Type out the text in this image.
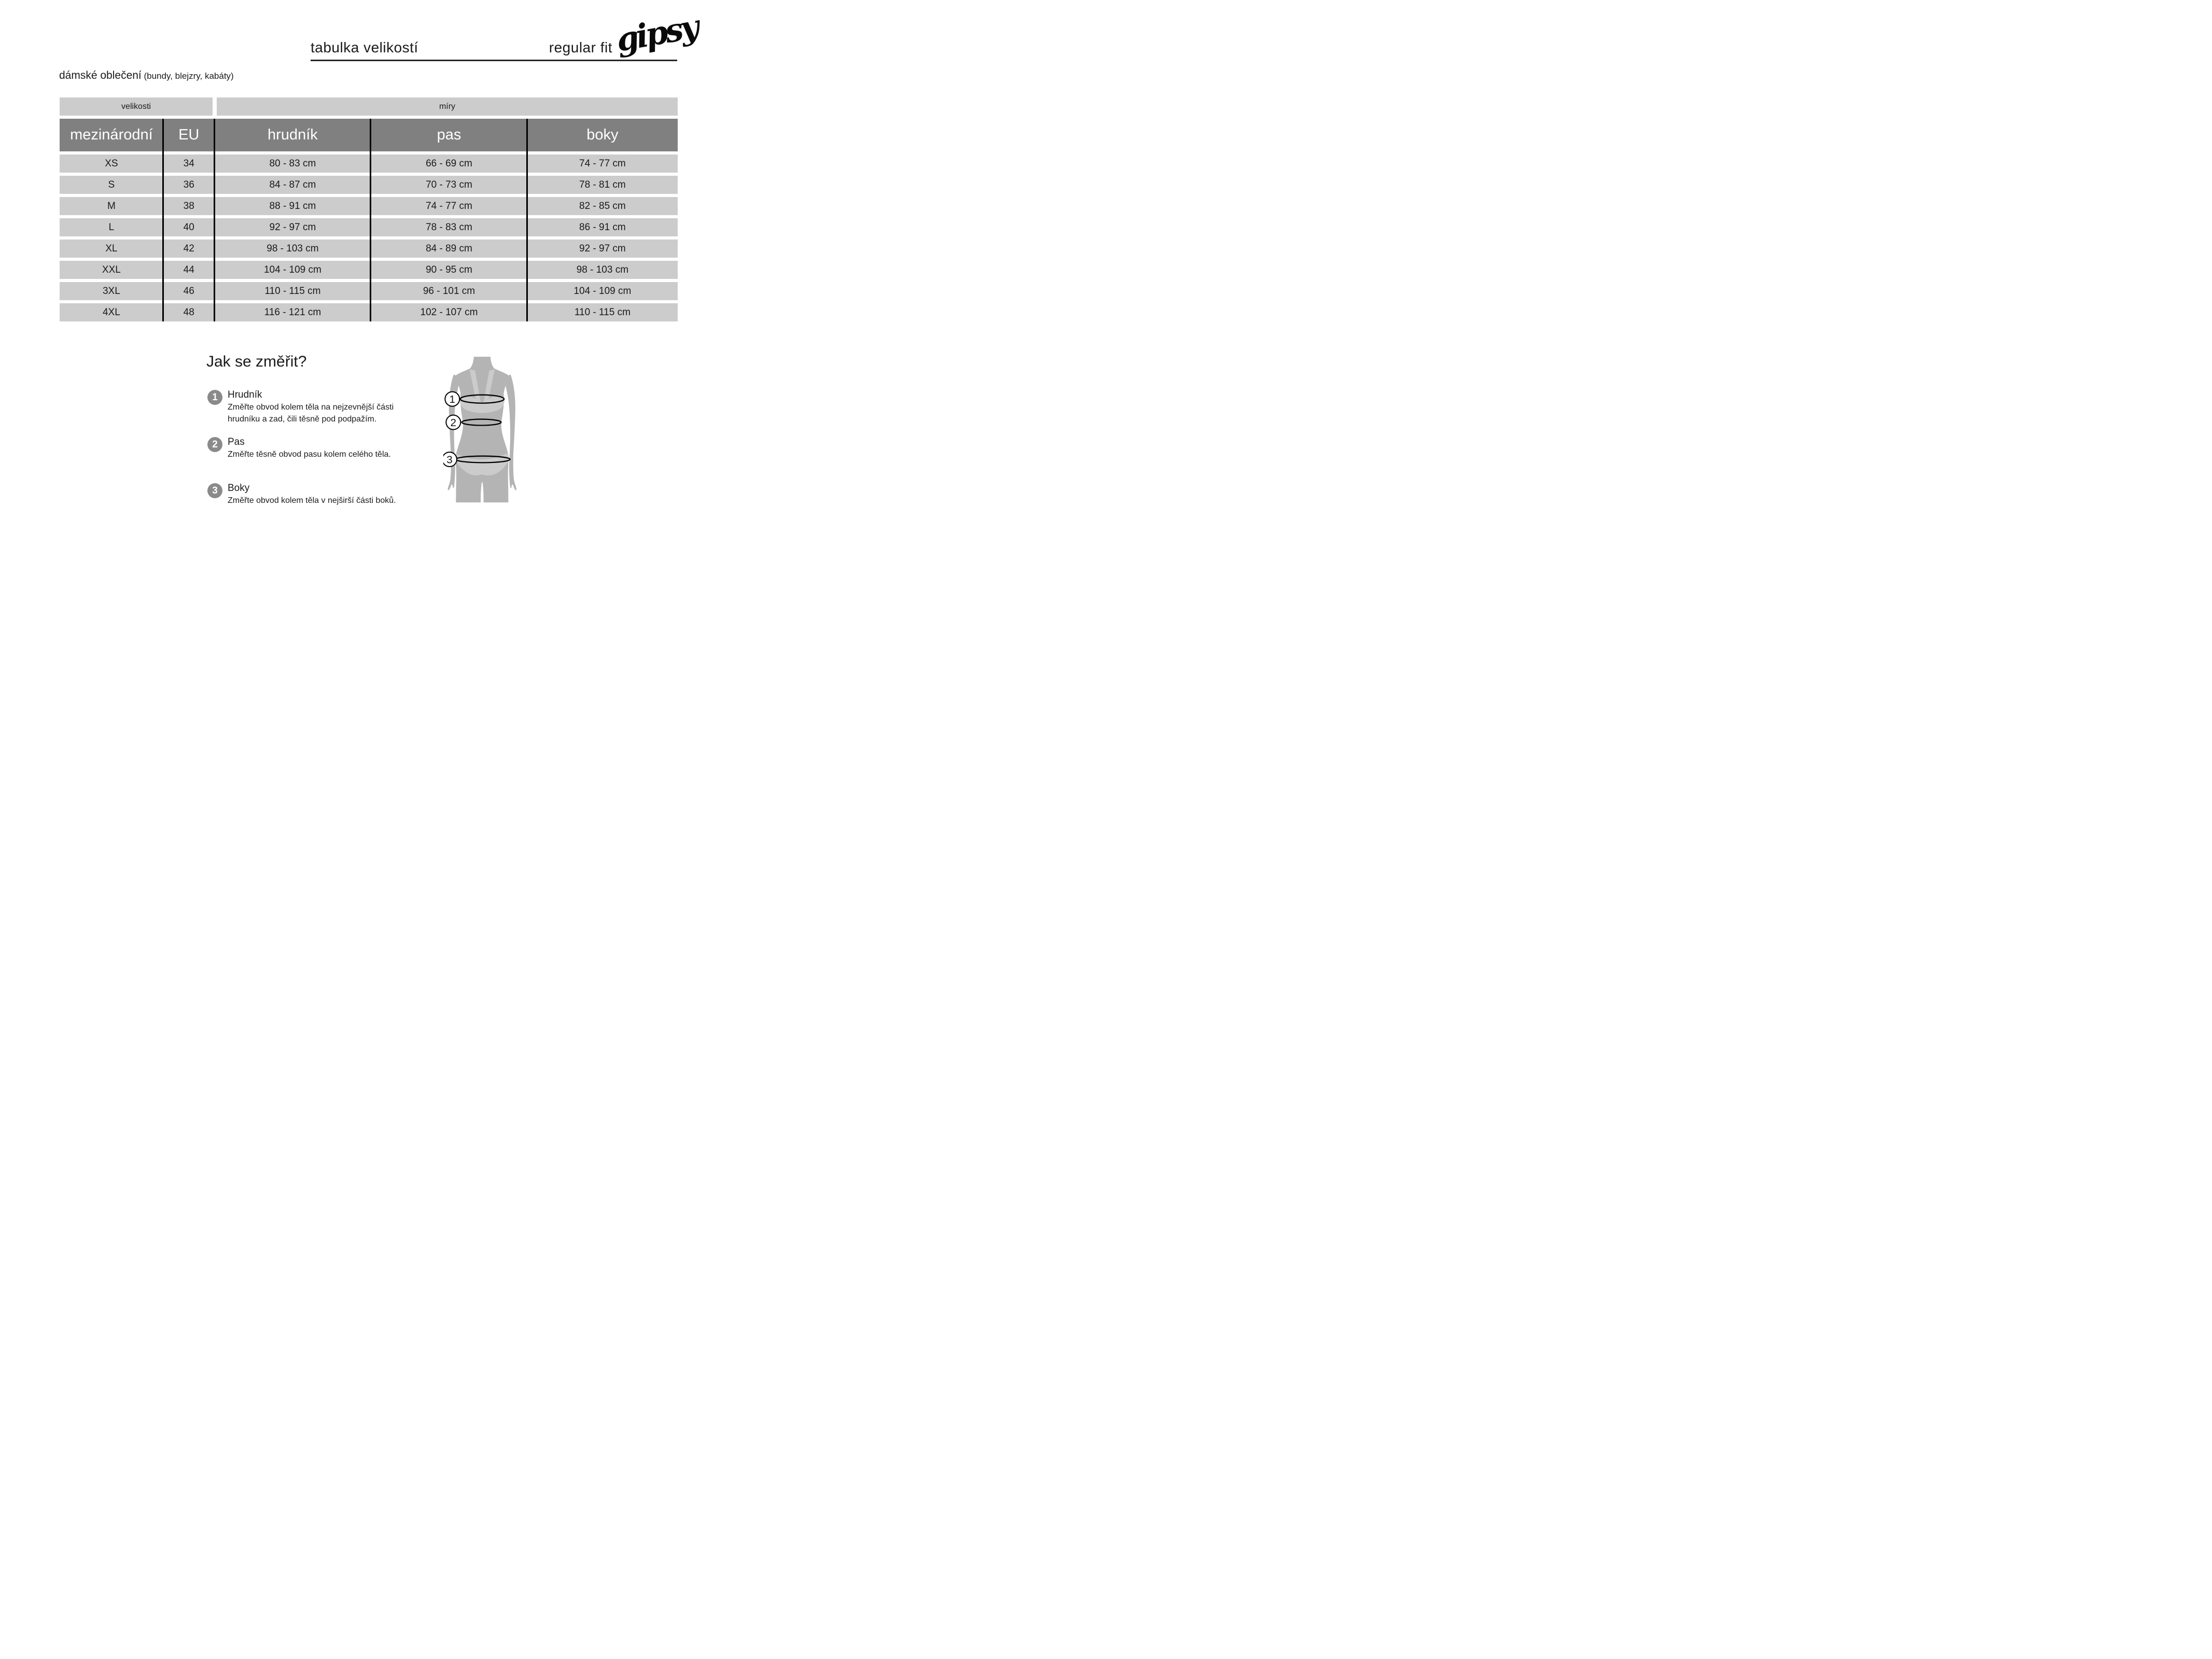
tabulka velikostí	regular fit gipsy
dámské oblečení (bundy, blejzry, kabáty)
velikosti	míry
mezinárodní	EU	hrudník	pas	boky
XS	34	80 - 83 cm	66 - 69 cm	74 - 77 cm
S	36	84 - 87 cm	70 - 73 cm	78 - 81 cm
M	38	88 - 91 cm	74 - 77 cm	82 - 85 cm
L	40	92 - 97 cm	78 - 83 cm	86 - 91 cm
XL	42	98 - 103 cm	84 - 89 cm	92 - 97 cm
XXL	44	104 - 109 cm	90 - 95 cm	98 - 103 cm
3XL	46	110 - 115 cm	96 - 101 cm	104 - 109 cm
4XL	48	116 - 121 cm	102 - 107 cm	110 - 115 cm
Jak se změřit?
1	Hrudník
Změřte obvod kolem těla na nejzevnější části
hrudníku a zad, čili těsně pod podpažím.
2	Pas
Změřte těsně obvod pasu kolem celého těla.
3	Boky
Změřte obvod kolem těla v nejširší části boků.
1
2
3
